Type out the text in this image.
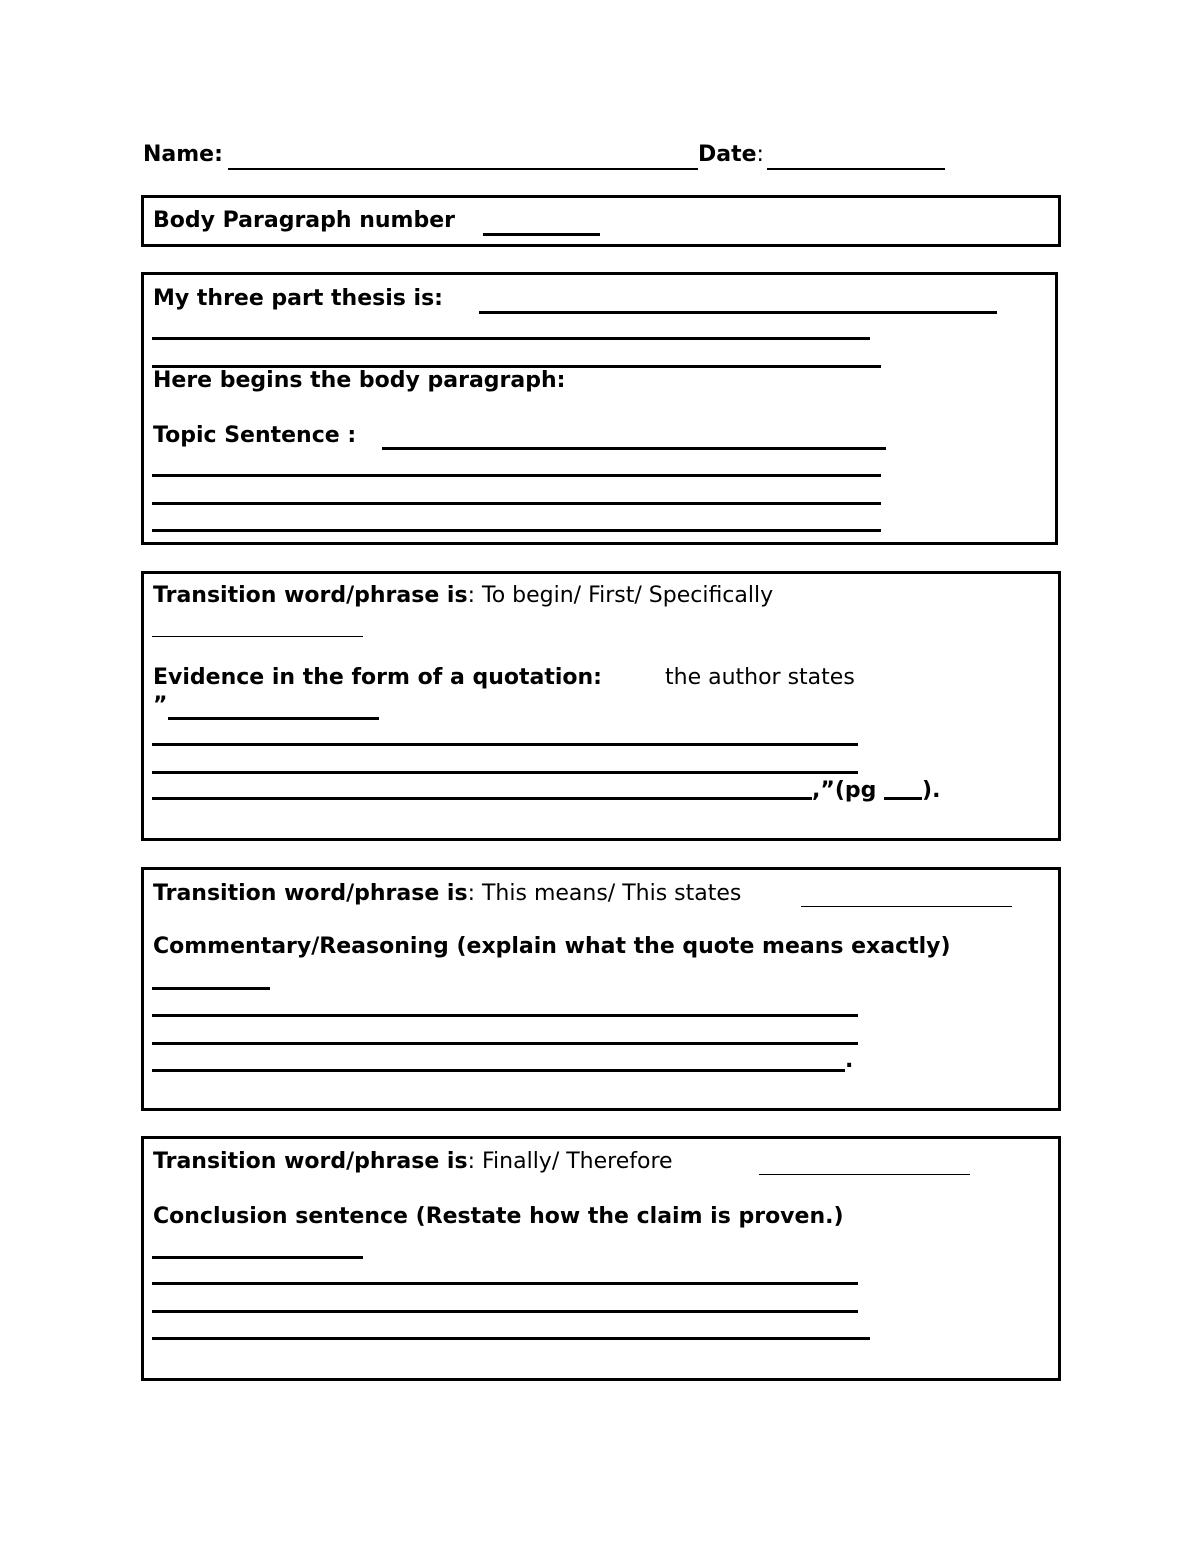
Name:	Date:
Body Paragraph number
My three part thesis is:
Here begins the body paragraph:
Topic Sentence :
Transition word/phrase is: To begin/ First/ Specifically
Evidence in the form of a quotation:	the author states
”
,”(pg ).
Transition word/phrase is: This means/ This states
Commentary/Reasoning (explain what the quote means exactly)
.
Transition word/phrase is: Finally/ Therefore
Conclusion sentence (Restate how the claim is proven.)
